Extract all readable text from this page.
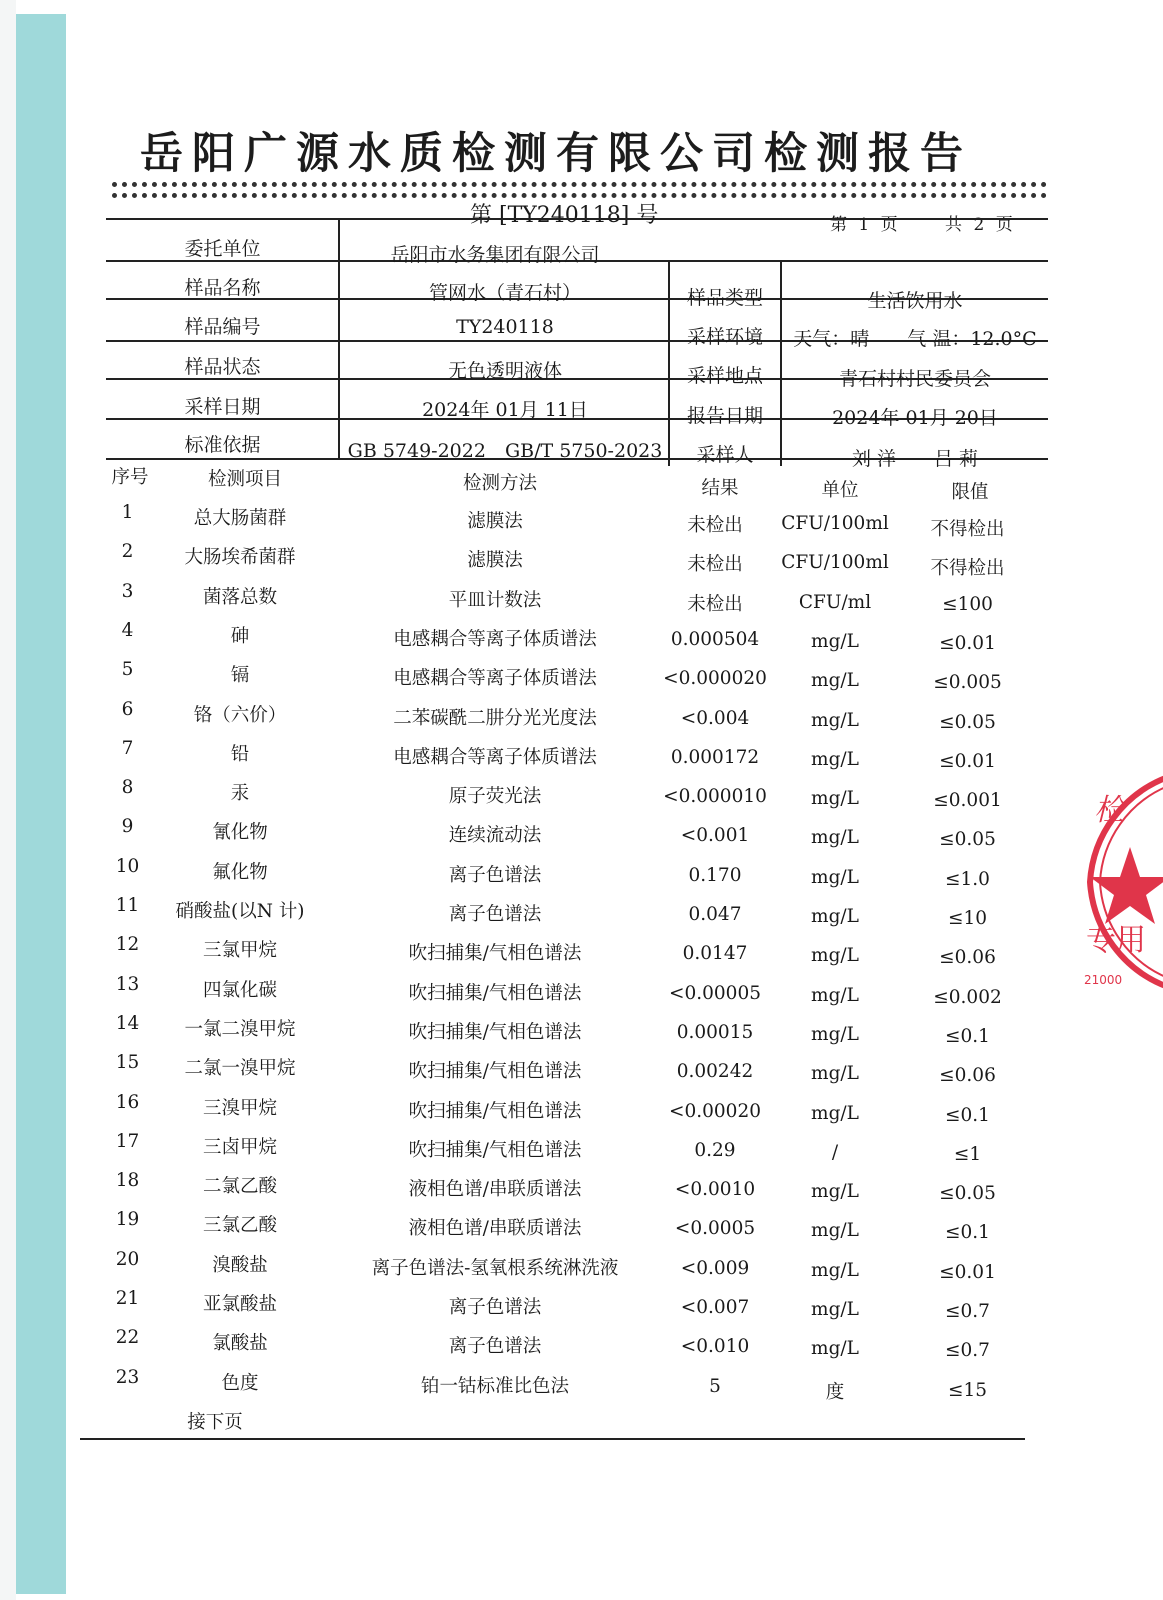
岳阳广源水质检测有限公司检测报告
第 [TY240118] 号	第 1 页	共 2 页
委托单位	岳阳市水务集团有限公司
样品名称	管网水（青石村）	样品类型	生活饮用水
样品编号	TY240118	采样环境	天气：晴　　气 温：12.0°C
样品状态	无色透明液体	采样地点	青石村村民委员会
采样日期	2024年 01月 11日	报告日期	2024年 01月 20日
标准依据	GB 5749-2022　GB/T 5750-2023	采样人	刘 洋　　吕 莉
序号	检测项目	检测方法	结果	单位	限值
1	总大肠菌群	滤膜法	未检出	CFU/100ml	不得检出
2	大肠埃希菌群	滤膜法	未检出	CFU/100ml	不得检出
3	菌落总数	平皿计数法	未检出	CFU/ml	≤100
4	砷	电感耦合等离子体质谱法	0.000504	mg/L	≤0.01
5	镉	电感耦合等离子体质谱法	<0.000020	mg/L	≤0.005
6	铬（六价）	二苯碳酰二肼分光光度法	<0.004	mg/L	≤0.05
7	铅	电感耦合等离子体质谱法	0.000172	mg/L	≤0.01
8	汞	原子荧光法	<0.000010	mg/L	≤0.001
9	氰化物	连续流动法	<0.001	mg/L	≤0.05
10	氟化物	离子色谱法	0.170	mg/L	≤1.0
11	硝酸盐(以N 计)	离子色谱法	0.047	mg/L	≤10
12	三氯甲烷	吹扫捕集/气相色谱法	0.0147	mg/L	≤0.06
13	四氯化碳	吹扫捕集/气相色谱法	<0.00005	mg/L	≤0.002
14	一氯二溴甲烷	吹扫捕集/气相色谱法	0.00015	mg/L	≤0.1
15	二氯一溴甲烷	吹扫捕集/气相色谱法	0.00242	mg/L	≤0.06
16	三溴甲烷	吹扫捕集/气相色谱法	<0.00020	mg/L	≤0.1
17	三卤甲烷	吹扫捕集/气相色谱法	0.29	/	≤1
18	二氯乙酸	液相色谱/串联质谱法	<0.0010	mg/L	≤0.05
19	三氯乙酸	液相色谱/串联质谱法	<0.0005	mg/L	≤0.1
20	溴酸盐	离子色谱法-氢氧根系统淋洗液	<0.009	mg/L	≤0.01
21	亚氯酸盐	离子色谱法	<0.007	mg/L	≤0.7
22	氯酸盐	离子色谱法	<0.010	mg/L	≤0.7
23	色度	铂一钴标准比色法	5	度	≤15
接下页
检
专用
21000
